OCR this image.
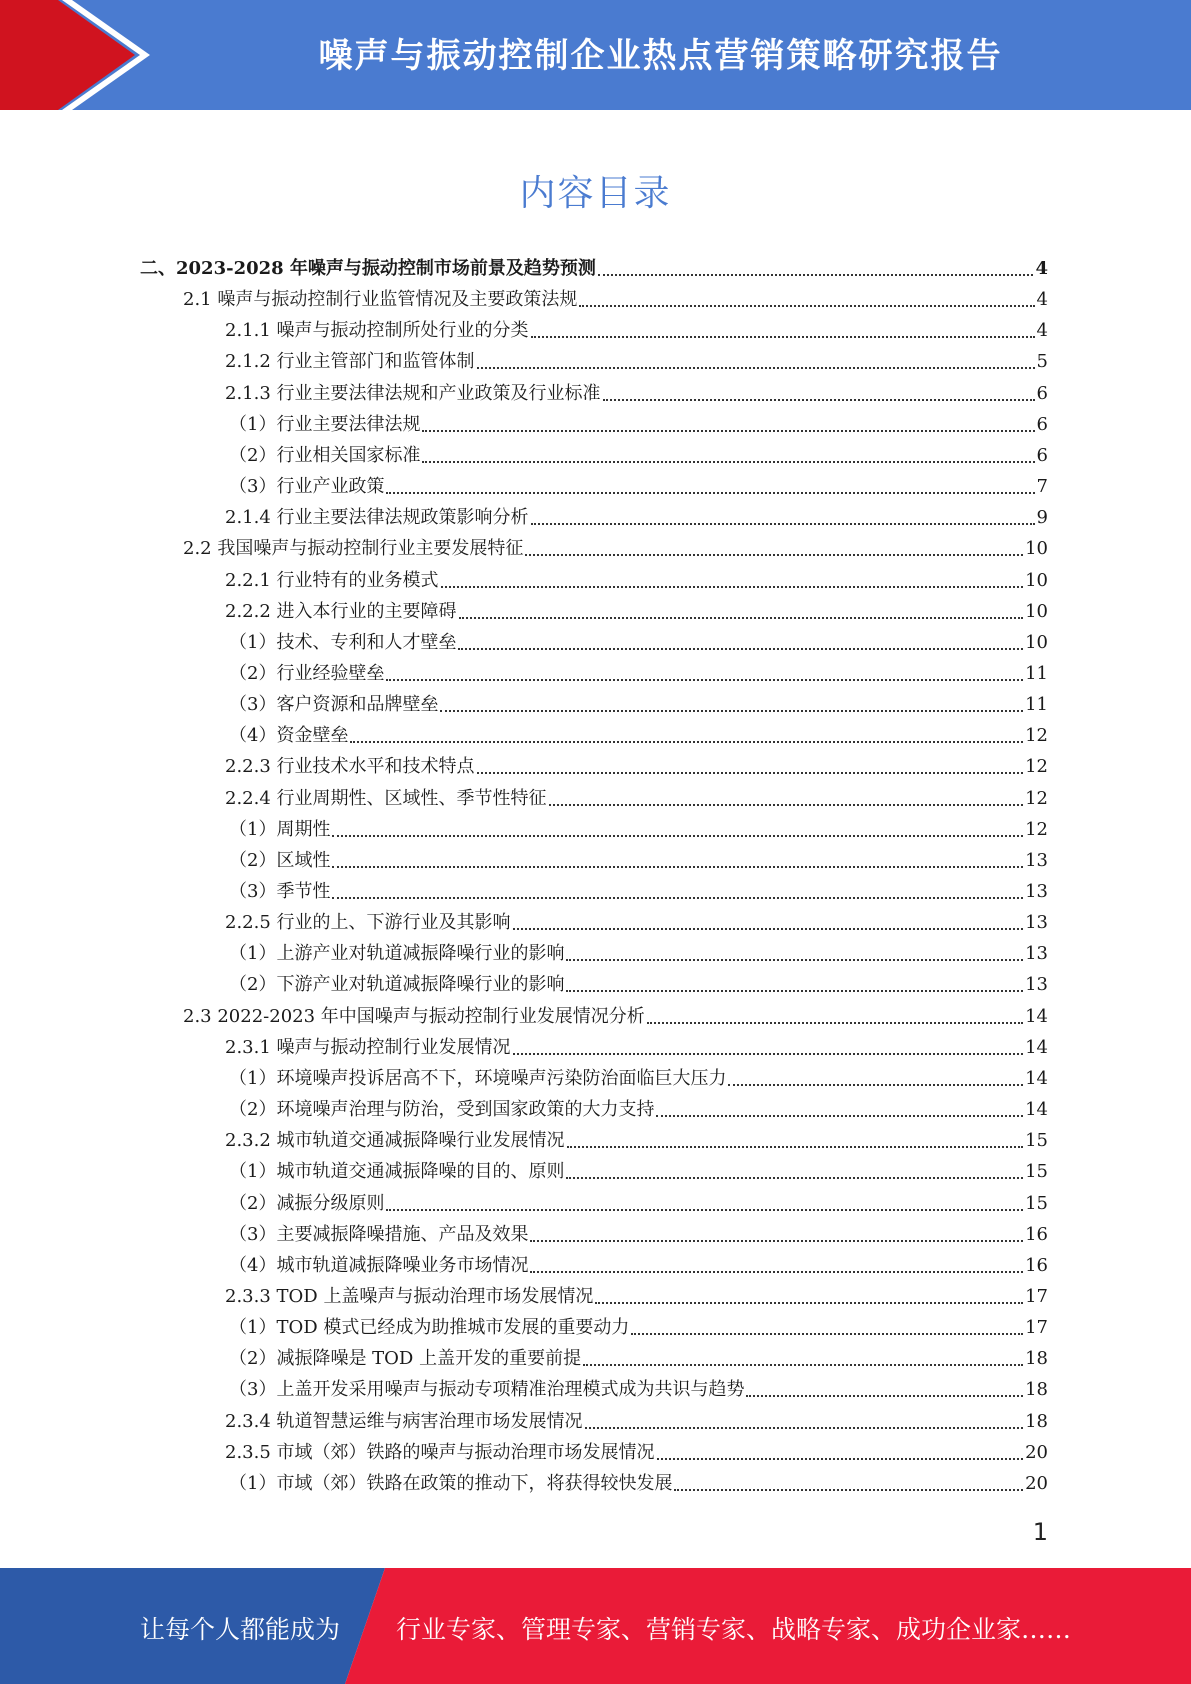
噪声与振动控制企业热点营销策略研究报告
内容目录
二、2023-2028 年噪声与振动控制市场前景及趋势预测	4
2.1 噪声与振动控制行业监管情况及主要政策法规	4
2.1.1 噪声与振动控制所处行业的分类	4
2.1.2 行业主管部门和监管体制	5
2.1.3 行业主要法律法规和产业政策及行业标准	6
（1）行业主要法律法规	6
（2）行业相关国家标准	6
（3）行业产业政策	7
2.1.4 行业主要法律法规政策影响分析	9
2.2 我国噪声与振动控制行业主要发展特征	10
2.2.1 行业特有的业务模式	10
2.2.2 进入本行业的主要障碍	10
（1）技术、专利和人才壁垒	10
（2）行业经验壁垒	11
（3）客户资源和品牌壁垒	11
（4）资金壁垒	12
2.2.3 行业技术水平和技术特点	12
2.2.4 行业周期性、区域性、季节性特征	12
（1）周期性	12
（2）区域性	13
（3）季节性	13
2.2.5 行业的上、下游行业及其影响	13
（1）上游产业对轨道减振降噪行业的影响	13
（2）下游产业对轨道减振降噪行业的影响	13
2.3 2022-2023 年中国噪声与振动控制行业发展情况分析	14
2.3.1 噪声与振动控制行业发展情况	14
（1）环境噪声投诉居高不下，环境噪声污染防治面临巨大压力	14
（2）环境噪声治理与防治，受到国家政策的大力支持	14
2.3.2 城市轨道交通减振降噪行业发展情况	15
（1）城市轨道交通减振降噪的目的、原则	15
（2）减振分级原则	15
（3）主要减振降噪措施、产品及效果	16
（4）城市轨道减振降噪业务市场情况	16
2.3.3 TOD 上盖噪声与振动治理市场发展情况	17
（1）TOD 模式已经成为助推城市发展的重要动力	17
（2）减振降噪是 TOD 上盖开发的重要前提	18
（3）上盖开发采用噪声与振动专项精准治理模式成为共识与趋势	18
2.3.4 轨道智慧运维与病害治理市场发展情况	18
2.3.5 市域（郊）铁路的噪声与振动治理市场发展情况	20
（1）市域（郊）铁路在政策的推动下，将获得较快发展	20
1
让每个人都能成为 行业专家、管理专家、营销专家、战略专家、成功企业家……
